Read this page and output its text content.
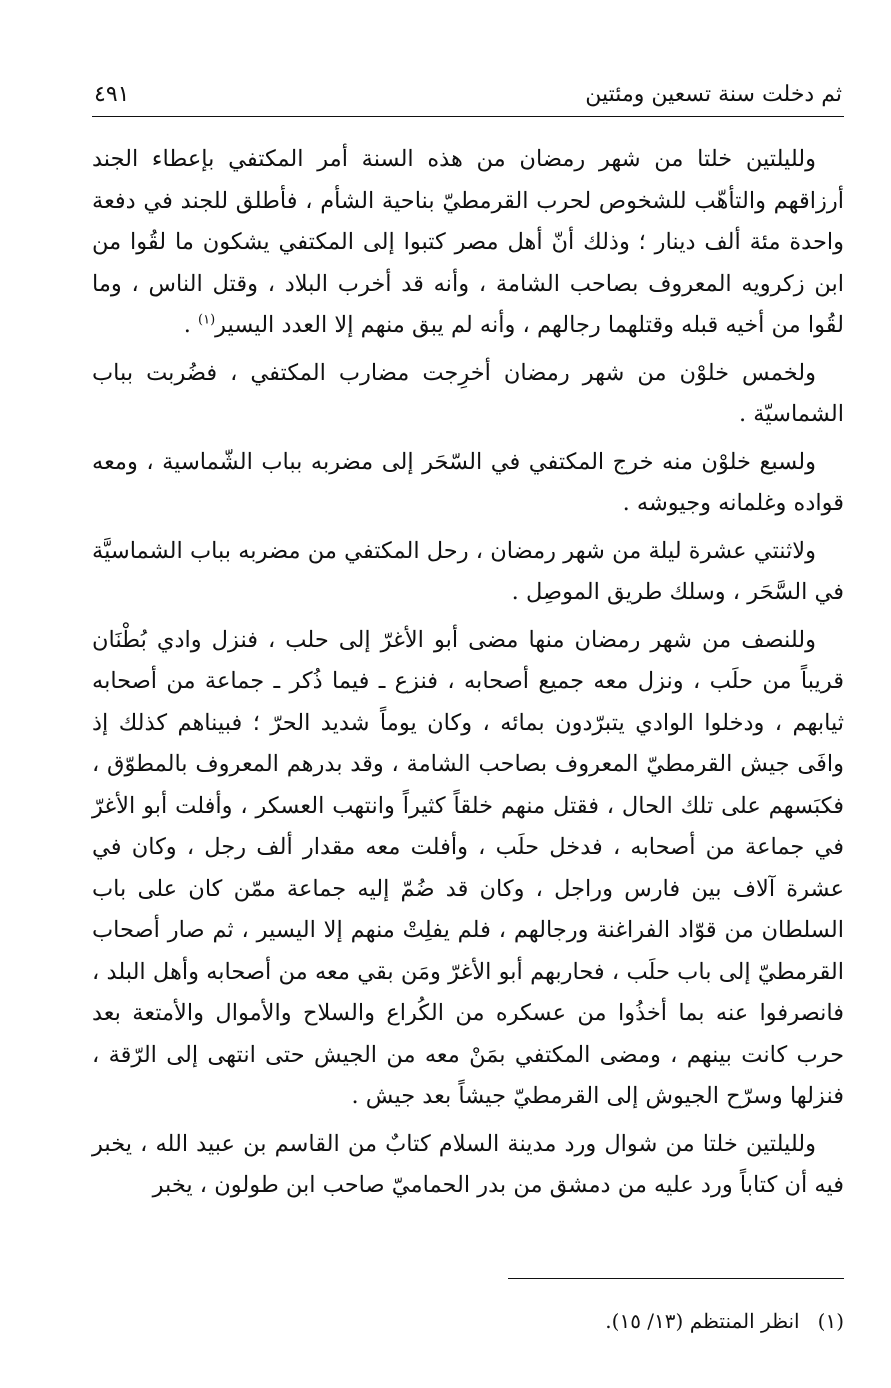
ثم دخلت سنة تسعين ومئتين
٤٩١

ولليلتين خلتا من شهر رمضان من هذه السنة أمر المكتفي بإعطاء الجند أرزاقهم والتأهّب للشخوص لحرب القرمطيّ بناحية الشأم ، فأطلق للجند في دفعة واحدة مئة ألف دينار ؛ وذلك أنّ أهل مصر كتبوا إلى المكتفي يشكون ما لقُوا من ابن زكرويه المعروف بصاحب الشامة ، وأنه قد أخرب البلاد ، وقتل الناس ، وما لقُوا من أخيه قبله وقتلهما رجالهم ، وأنه لم يبق منهم إلا العدد اليسير$^{(١)}$ .

ولخمس خلوْن من شهر رمضان أخرِجت مضارب المكتفي ، فضُربت بباب الشماسيّة .

ولسبع خلوْن منه خرج المكتفي في السّحَر إلى مضربه بباب الشّماسية ، ومعه قواده وغلمانه وجيوشه .

ولاثنتي عشرة ليلة من شهر رمضان ، رحل المكتفي من مضربه بباب الشماسيَّة في السَّحَر ، وسلك طريق الموصِل .

وللنصف من شهر رمضان منها مضى أبو الأغرّ إلى حلب ، فنزل وادي بُطْنَان قريباً من حلَب ، ونزل معه جميع أصحابه ، فنزع ـ فيما ذُكر ـ جماعة من أصحابه ثيابهم ، ودخلوا الوادي يتبرّدون بمائه ، وكان يوماً شديد الحرّ ؛ فبيناهم كذلك إذ وافَى جيش القرمطيّ المعروف بصاحب الشامة ، وقد بدرهم المعروف بالمطوّق ، فكبَسهم على تلك الحال ، فقتل منهم خلقاً كثيراً وانتهب العسكر ، وأفلت أبو الأغرّ في جماعة من أصحابه ، فدخل حلَب ، وأفلت معه مقدار ألف رجل ، وكان في عشرة آلاف بين فارس وراجل ، وكان قد ضُمّ إليه جماعة ممّن كان على باب السلطان من قوّاد الفراغنة ورجالهم ، فلم يفلِتْ منهم إلا اليسير ، ثم صار أصحاب القرمطيّ إلى باب حلَب ، فحاربهم أبو الأغرّ ومَن بقي معه من أصحابه وأهل البلد ، فانصرفوا عنه بما أخذُوا من عسكره من الكُراع والسلاح والأموال والأمتعة بعد حرب كانت بينهم ، ومضى المكتفي بمَنْ معه من الجيش حتى انتهى إلى الرّقة ، فنزلها وسرّح الجيوش إلى القرمطيّ جيشاً بعد جيش .

ولليلتين خلتا من شوال ورد مدينة السلام كتابٌ من القاسم بن عبيد الله ، يخبر فيه أن كتاباً ورد عليه من دمشق من بدر الحماميّ صاحب ابن طولون ، يخبر

(١)
انظر المنتظم (١٣/ ١٥).
